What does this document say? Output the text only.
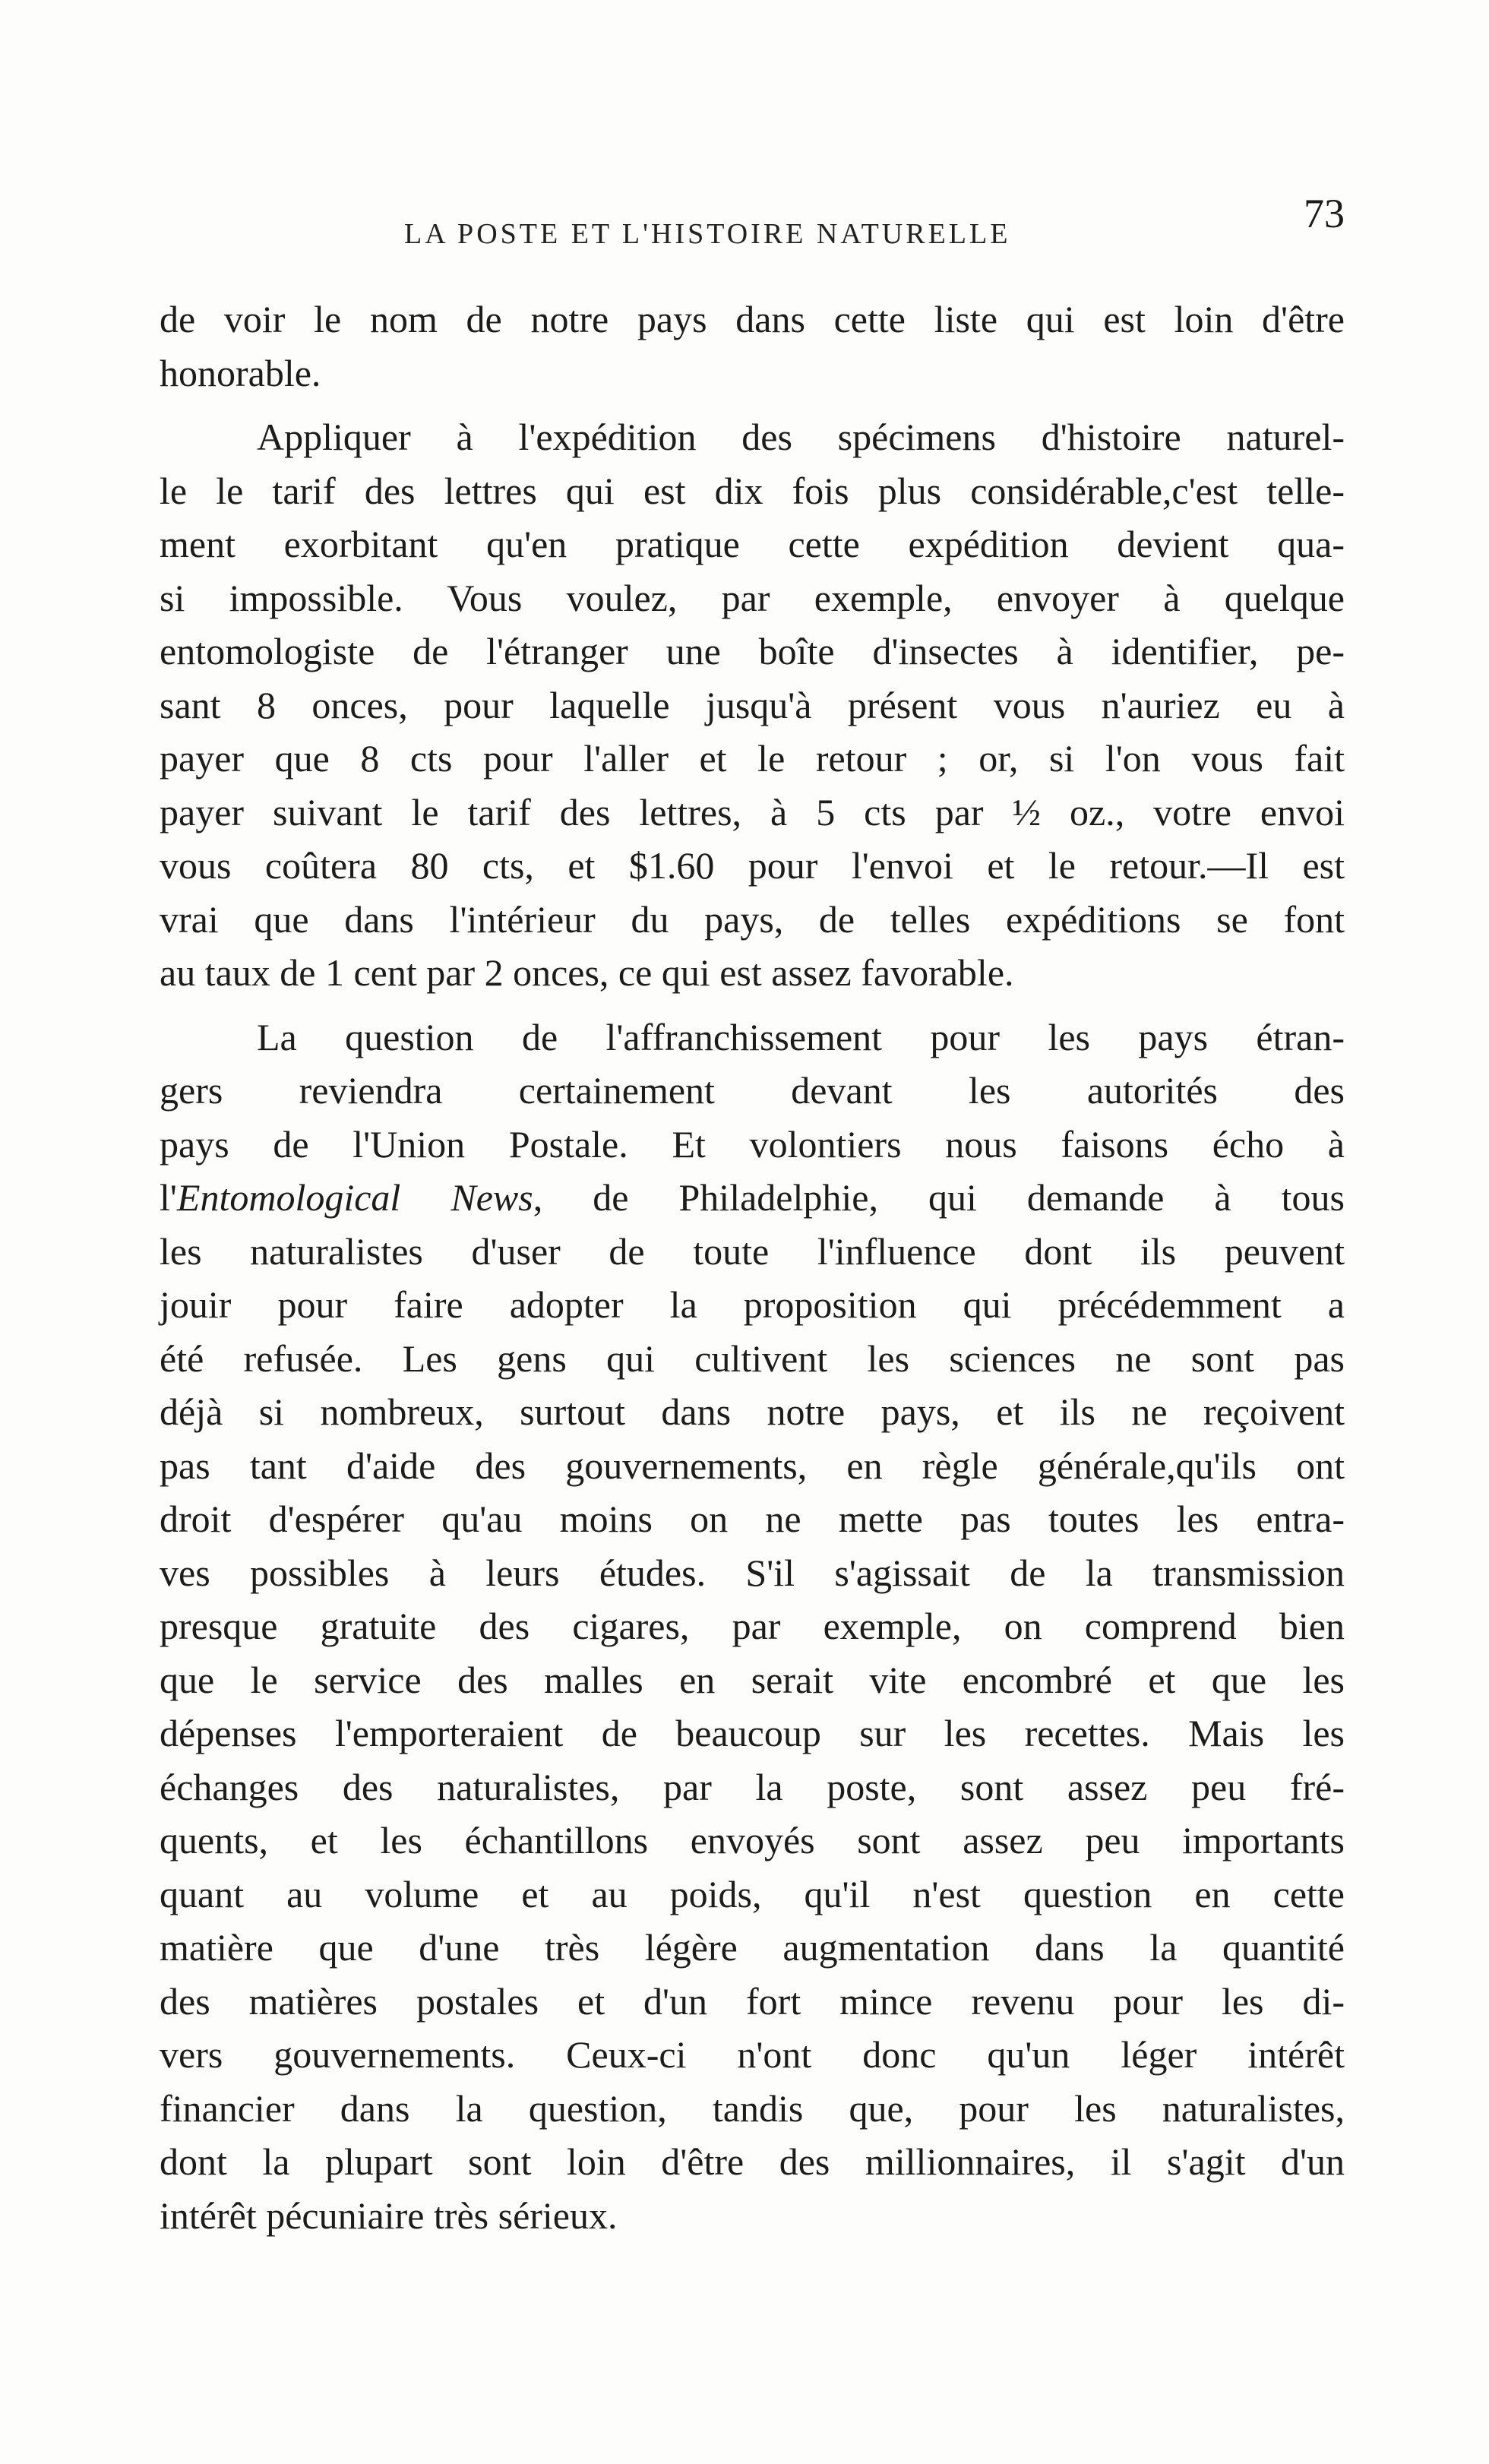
LA POSTE ET L'HISTOIRE NATURELLE	73
de voir le nom de notre pays dans cette liste qui est loin d'être
honorable.
Appliquer à l'expédition des spécimens d'histoire naturel-
le le tarif des lettres qui est dix fois plus considérable,c'est telle-
ment exorbitant qu'en pratique cette expédition devient qua-
si impossible. Vous voulez, par exemple, envoyer à quelque
entomologiste de l'étranger une boîte d'insectes à identifier, pe-
sant 8 onces, pour laquelle jusqu'à présent vous n'auriez eu à
payer que 8 cts pour l'aller et le retour ; or, si l'on vous fait
payer suivant le tarif des lettres, à 5 cts par ½ oz., votre envoi
vous coûtera 80 cts, et $1.60 pour l'envoi et le retour.—Il est
vrai que dans l'intérieur du pays, de telles expéditions se font
au taux de 1 cent par 2 onces, ce qui est assez favorable.
La question de l'affranchissement pour les pays étran-
gers reviendra certainement devant les autorités des
pays de l'Union Postale. Et volontiers nous faisons écho à
l'Entomological News, de Philadelphie, qui demande à tous
les naturalistes d'user de toute l'influence dont ils peuvent
jouir pour faire adopter la proposition qui précédemment a
été refusée. Les gens qui cultivent les sciences ne sont pas
déjà si nombreux, surtout dans notre pays, et ils ne reçoivent
pas tant d'aide des gouvernements, en règle générale,qu'ils ont
droit d'espérer qu'au moins on ne mette pas toutes les entra-
ves possibles à leurs études. S'il s'agissait de la transmission
presque gratuite des cigares, par exemple, on comprend bien
que le service des malles en serait vite encombré et que les
dépenses l'emporteraient de beaucoup sur les recettes. Mais les
échanges des naturalistes, par la poste, sont assez peu fré-
quents, et les échantillons envoyés sont assez peu importants
quant au volume et au poids, qu'il n'est question en cette
matière que d'une très légère augmentation dans la quantité
des matières postales et d'un fort mince revenu pour les di-
vers gouvernements. Ceux-ci n'ont donc qu'un léger intérêt
financier dans la question, tandis que, pour les naturalistes,
dont la plupart sont loin d'être des millionnaires, il s'agit d'un
intérêt pécuniaire très sérieux.
